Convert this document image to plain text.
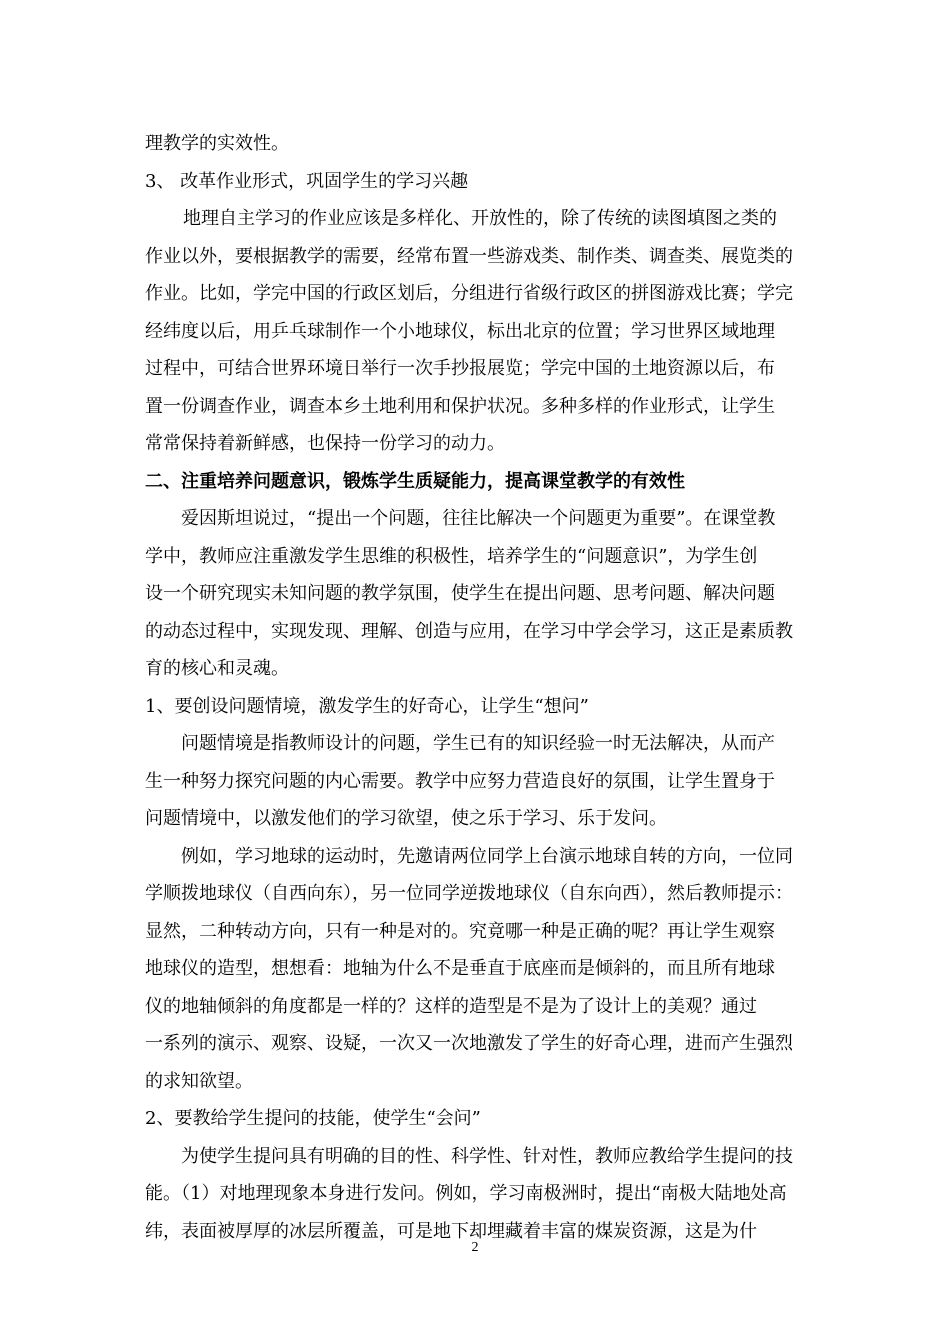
理教学的实效性。
3、 改革作业形式，巩固学生的学习兴趣
地理自主学习的作业应该是多样化、开放性的，除了传统的读图填图之类的
作业以外，要根据教学的需要，经常布置一些游戏类、制作类、调查类、展览类的
作业。比如，学完中国的行政区划后，分组进行省级行政区的拼图游戏比赛；学完
经纬度以后，用乒乓球制作一个小地球仪，标出北京的位置；学习世界区域地理
过程中，可结合世界环境日举行一次手抄报展览；学完中国的土地资源以后，布
置一份调查作业，调查本乡土地利用和保护状况。多种多样的作业形式，让学生
常常保持着新鲜感，也保持一份学习的动力。
二、注重培养问题意识，锻炼学生质疑能力，提高课堂教学的有效性
爱因斯坦说过，“提出一个问题，往往比解决一个问题更为重要”。在课堂教
学中，教师应注重激发学生思维的积极性，培养学生的“问题意识”，为学生创
设一个研究现实未知问题的教学氛围，使学生在提出问题、思考问题、解决问题
的动态过程中，实现发现、理解、创造与应用，在学习中学会学习，这正是素质教
育的核心和灵魂。
1、要创设问题情境，激发学生的好奇心，让学生“想问”
问题情境是指教师设计的问题，学生已有的知识经验一时无法解决，从而产
生一种努力探究问题的内心需要。教学中应努力营造良好的氛围，让学生置身于
问题情境中，以激发他们的学习欲望，使之乐于学习、乐于发问。
例如，学习地球的运动时，先邀请两位同学上台演示地球自转的方向，一位同
学顺拨地球仪（自西向东），另一位同学逆拨地球仪（自东向西），然后教师提示：
显然，二种转动方向，只有一种是对的。究竟哪一种是正确的呢？再让学生观察
地球仪的造型，想想看：地轴为什么不是垂直于底座而是倾斜的，而且所有地球
仪的地轴倾斜的角度都是一样的？这样的造型是不是为了设计上的美观？通过
一系列的演示、观察、设疑，一次又一次地激发了学生的好奇心理，进而产生强烈
的求知欲望。
2、要教给学生提问的技能，使学生“会问”
为使学生提问具有明确的目的性、科学性、针对性，教师应教给学生提问的技
能。（1）对地理现象本身进行发问。例如，学习南极洲时，提出“南极大陆地处高
纬，表面被厚厚的冰层所覆盖，可是地下却埋藏着丰富的煤炭资源，这是为什
2
